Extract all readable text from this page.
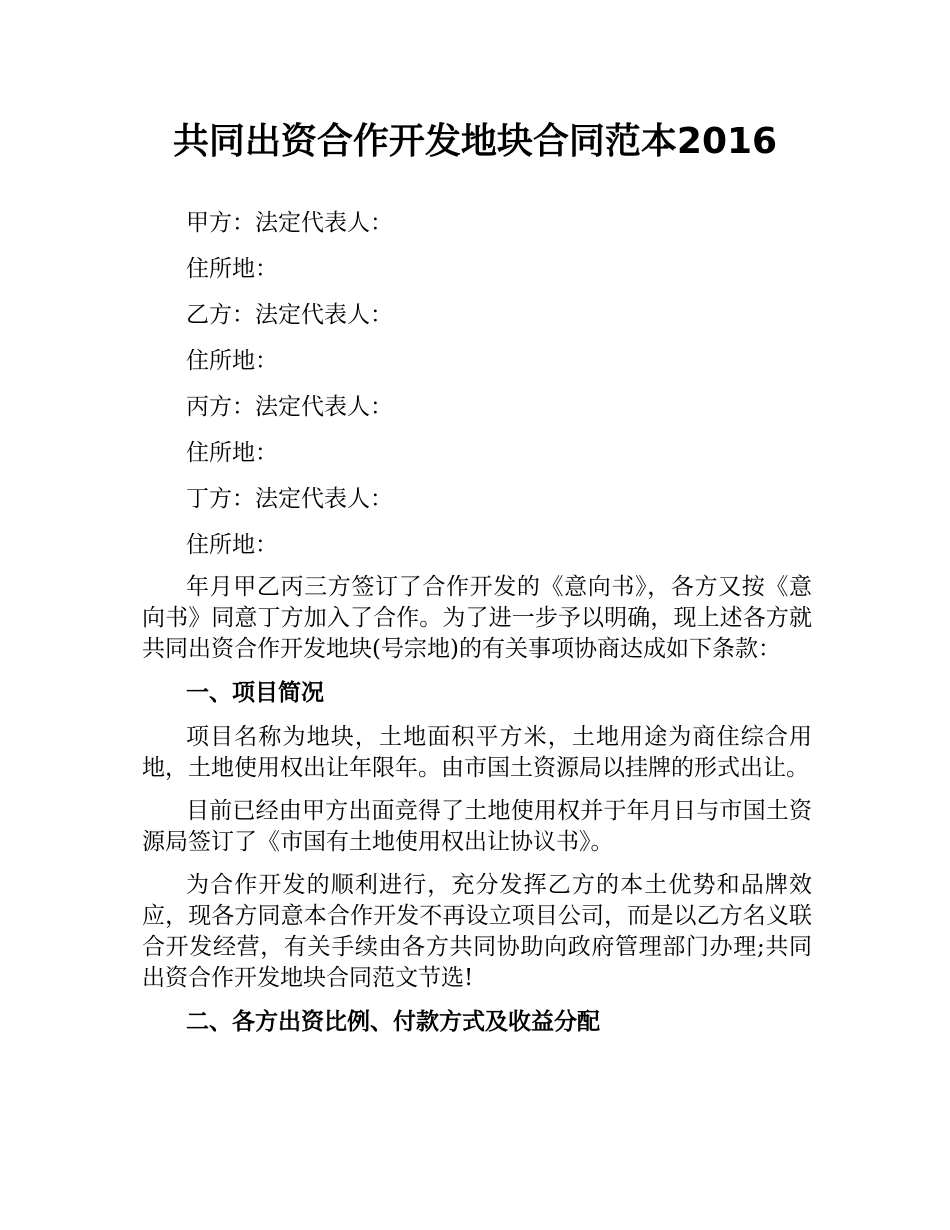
共同出资合作开发地块合同范本2016

甲方：法定代表人：

住所地：

乙方：法定代表人：

住所地：

丙方：法定代表人：

住所地：

丁方：法定代表人：

住所地：

年月甲乙丙三方签订了合作开发的《意向书》，各方又按《意向书》同意丁方加入了合作。为了进一步予以明确，现上述各方就共同出资合作开发地块(号宗地)的有关事项协商达成如下条款：

一、项目简况

项目名称为地块，土地面积平方米，土地用途为商住综合用地，土地使用权出让年限年。由市国土资源局以挂牌的形式出让。

目前已经由甲方出面竞得了土地使用权并于年月日与市国土资源局签订了《市国有土地使用权出让协议书》。

为合作开发的顺利进行，充分发挥乙方的本土优势和品牌效应，现各方同意本合作开发不再设立项目公司，而是以乙方名义联合开发经营，有关手续由各方共同协助向政府管理部门办理;共同出资合作开发地块合同范文节选!

二、各方出资比例、付款方式及收益分配
